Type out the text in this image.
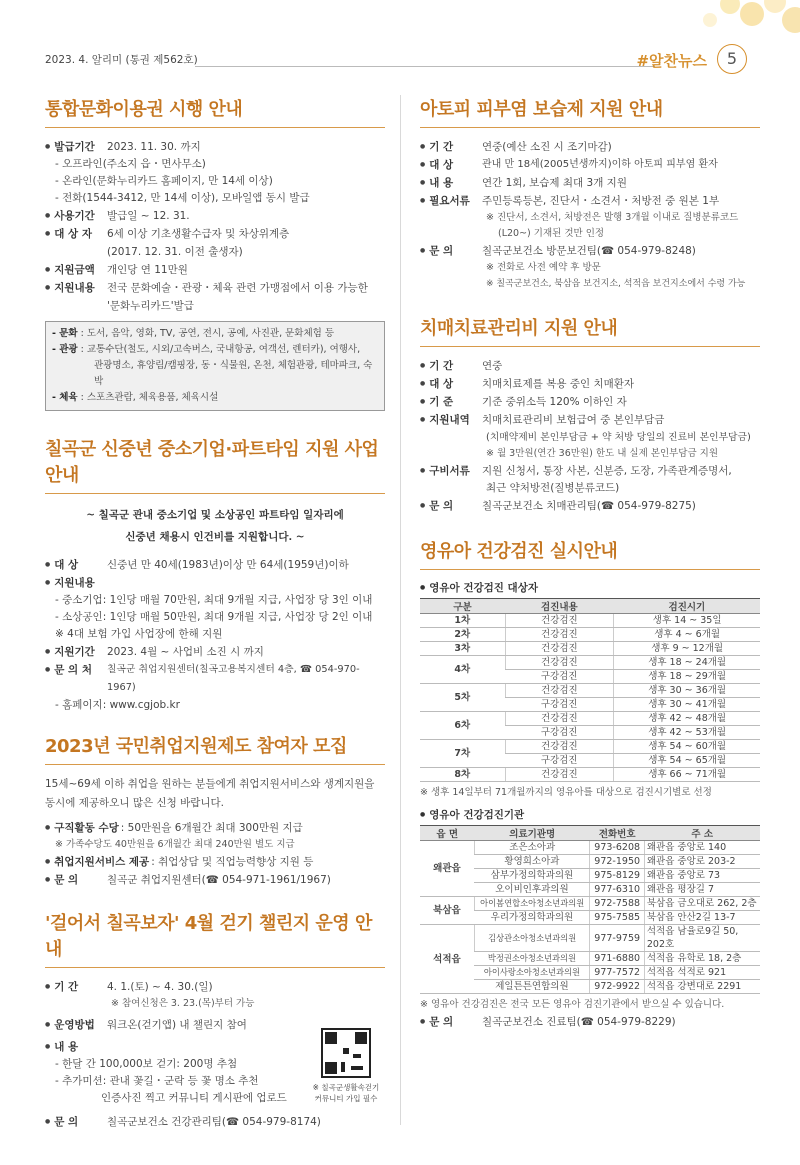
2023. 4. 알리미 (통권 제562호)	#알찬뉴스	5
통합문화이용권 시행 안내
● 발급기간	2023. 11. 30. 까지
- 오프라인(주소지 읍・면사무소)
- 온라인(문화누리카드 홈페이지, 만 14세 이상)
- 전화(1544-3412, 만 14세 이상), 모바일앱 동시 발급
● 사용기간	발급일 ~ 12. 31.
● 대 상 자	6세 이상 기초생활수급자 및 차상위계층
(2017. 12. 31. 이전 출생자)
● 지원금액	개인당 연 11만원
● 지원내용	전국 문화예술・관광・체육 관련 가맹점에서 이용 가능한
'문화누리카드'발급
- 문화 : 도서, 음악, 영화, TV, 공연, 전시, 공예, 사진관, 문화체험 등
- 관광 : 교통수단(철도, 시외/고속버스, 국내항공, 여객선, 렌터카), 여행사,
관광명소, 휴양림/캠핑장, 동・식물원, 온천, 체험관광, 테마파크, 숙박
- 체육 : 스포츠관람, 체육용품, 체육시설
칠곡군 신중년 중소기업·파트타임 지원 사업 안내
~ 칠곡군 관내 중소기업 및 소상공인 파트타임 일자리에
신중년 채용시 인건비를 지원합니다. ~
● 대 상	신중년 만 40세(1983년)이상 만 64세(1959년)이하
● 지원내용
- 중소기업: 1인당 매월 70만원, 최대 9개월 지급, 사업장 당 3인 이내
- 소상공인: 1인당 매월 50만원, 최대 9개월 지급, 사업장 당 2인 이내
※ 4대 보험 가입 사업장에 한해 지원
● 지원기간	2023. 4월 ~ 사업비 소진 시 까지
● 문 의 처	칠곡군 취업지원센터(칠곡고용복지센터 4층, ☎ 054-970-1967)
- 홈페이지: www.cgjob.kr
2023년 국민취업지원제도 참여자 모집
15세~69세 이하 취업을 원하는 분들에게 취업지원서비스와 생계지원을 동시에 제공하오니 많은 신청 바랍니다.
● 구직활동 수당 : 50만원을 6개월간 최대 300만원 지급
※ 가족수당도 40만원을 6개월간 최대 240만원 별도 지급
● 취업지원서비스 제공 : 취업상담 및 직업능력향상 지원 등
● 문 의	칠곡군 취업지원센터(☎ 054-971-1961/1967)
'걸어서 칠곡보자' 4월 걷기 챌린지 운영 안내
● 기 간	4. 1.(토) ~ 4. 30.(일)
※ 참여신청은 3. 23.(목)부터 가능
● 운영방법	워크온(걷기앱) 내 챌린지 참여
● 내 용
- 한달 간 100,000보 걷기: 200명 추첨
- 추가미션: 관내 꽃길・군락 등 꽃 명소 추천
인증사진 찍고 커뮤니티 게시판에 업로드
● 문 의	칠곡군보건소 건강관리팀(☎ 054-979-8174)
※ 칠곡군생활속걷기
커뮤니티 가입 필수
아토피 피부염 보습제 지원 안내
● 기 간	연중(예산 소진 시 조기마감)
● 대 상	관내 만 18세(2005년생까지)이하 아토피 피부염 환자
● 내 용	연간 1회, 보습제 최대 3개 지원
● 필요서류	주민등록등본, 진단서・소견서・처방전 중 원본 1부
※ 진단서, 소견서, 처방전은 발행 3개월 이내로 질병분류코드
(L20~) 기재된 것만 인정
● 문 의	칠곡군보건소 방문보건팀(☎ 054-979-8248)
※ 전화로 사전 예약 후 방문
※ 칠곡군보건소, 북삼읍 보건지소, 석적읍 보건지소에서 수령 가능
치매치료관리비 지원 안내
● 기 간	연중
● 대 상	치매치료제를 복용 중인 치매환자
● 기 준	기준 중위소득 120% 이하인 자
● 지원내역	치매치료관리비 보험급여 중 본인부담금
(치매약제비 본인부담금 + 약 처방 당일의 진료비 본인부담금)
※ 월 3만원(연간 36만원) 한도 내 실제 본인부담금 지원
● 구비서류	지원 신청서, 통장 사본, 신분증, 도장, 가족관계증명서,
최근 약처방전(질병분류코드)
● 문 의	칠곡군보건소 치매관리팀(☎ 054-979-8275)
영유아 건강검진 실시안내
● 영유아 건강검진 대상자
구분	검진내용	검진시기
1차	건강검진	생후 14 ~ 35일
2차	건강검진	생후 4 ~ 6개월
3차	건강검진	생후 9 ~ 12개월
4차	건강검진	생후 18 ~ 24개월
	구강검진	생후 18 ~ 29개월
5차	건강검진	생후 30 ~ 36개월
	구강검진	생후 30 ~ 41개월
6차	건강검진	생후 42 ~ 48개월
	구강검진	생후 42 ~ 53개월
7차	건강검진	생후 54 ~ 60개월
	구강검진	생후 54 ~ 65개월
8차	건강검진	생후 66 ~ 71개월
※ 생후 14일부터 71개월까지의 영유아를 대상으로 검진시기별로 선정
● 영유아 건강검진기관
읍 면	의료기관명	전화번호	주 소
왜관읍	조은소아과	973-6208	왜관읍 중앙로 140
	황영희소아과	972-1950	왜관읍 중앙로 203-2
	삼부가정의학과의원	975-8129	왜관읍 중앙로 73
	오이비인후과의원	977-6310	왜관읍 평장길 7
북삼읍	아이봄연합소아청소년과의원	972-7588	북삼읍 금오대로 262, 2층
	우리가정의학과의원	975-7585	북삼읍 안산2길 13-7
석적읍	김상관소아청소년과의원	977-9759	석적읍 남율로9길 50, 202호
	박정권소아청소년과의원	971-6880	석적읍 유학로 18, 2층
	아이사랑소아청소년과의원	977-7572	석적읍 석적로 921
	제일튼튼연합의원	972-9922	석적읍 강변대로 2291
※ 영유아 건강검진은 전국 모든 영유아 검진기관에서 받으실 수 있습니다.
● 문 의	칠곡군보건소 진료팀(☎ 054-979-8229)
